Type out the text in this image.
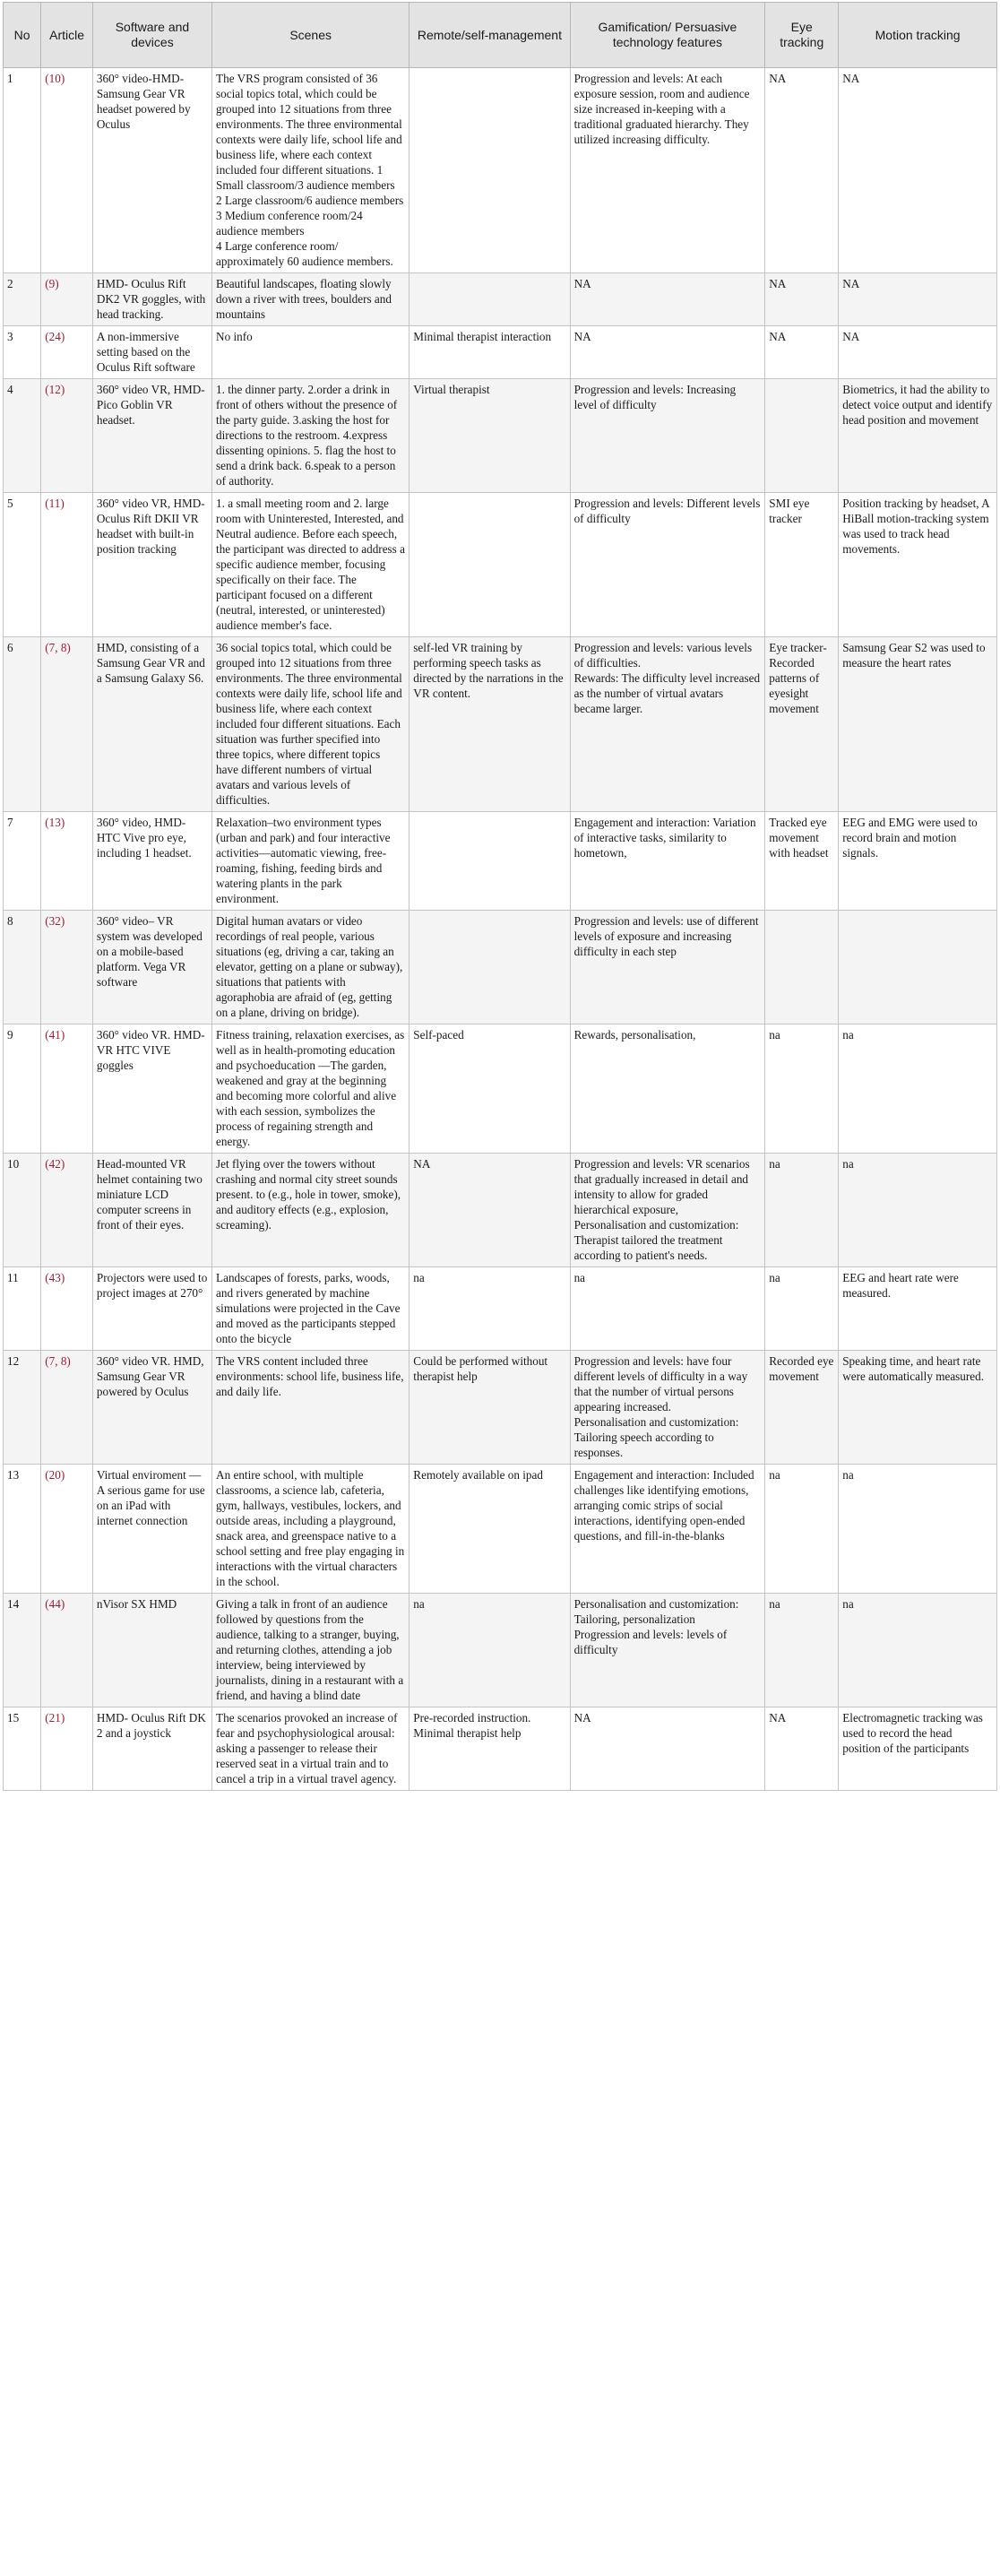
No	Article	Software and devices	Scenes	Remote/self-management	Gamification/ Persuasive technology features	Eye tracking	Motion tracking
1	(10)	360° video-HMD-Samsung Gear VR headset powered by Oculus	The VRS program consisted of 36 social topics total, which could be grouped into 12 situations from three environments. The three environmental contexts were daily life, school life and business life, where each context included four different situations. 1 Small classroom/3 audience members
2 Large classroom/6 audience members
3 Medium conference room/24 audience members
4 Large conference room/ approximately 60 audience members.		Progression and levels: At each exposure session, room and audience size increased in-keeping with a traditional graduated hierarchy. They utilized increasing difficulty.	NA	NA
2	(9)	HMD- Oculus Rift DK2 VR goggles, with head tracking.	Beautiful landscapes, floating slowly down a river with trees, boulders and mountains		NA	NA	NA
3	(24)	A non-immersive setting based on the Oculus Rift software	No info	Minimal therapist interaction	NA	NA	NA
4	(12)	360° video VR, HMD-Pico Goblin VR headset.	1. the dinner party. 2.order a drink in front of others without the presence of the party guide. 3.asking the host for directions to the restroom. 4.express dissenting opinions. 5. flag the host to send a drink back. 6.speak to a person of authority.	Virtual therapist	Progression and levels: Increasing level of difficulty		Biometrics, it had the ability to detect voice output and identify head position and movement
5	(11)	360° video VR, HMD-Oculus Rift DKII VR headset with built-in position tracking	1. a small meeting room and 2. large room with Uninterested, Interested, and Neutral audience. Before each speech, the participant was directed to address a specific audience member, focusing specifically on their face. The participant focused on a different (neutral, interested, or uninterested) audience member's face.		Progression and levels: Different levels of difficulty	SMI eye tracker	Position tracking by headset, A HiBall motion-tracking system was used to track head movements.
6	(7, 8)	HMD, consisting of a Samsung Gear VR and a Samsung Galaxy S6.	36 social topics total, which could be grouped into 12 situations from three environments. The three environmental contexts were daily life, school life and business life, where each context included four different situations. Each situation was further specified into three topics, where different topics have different numbers of virtual avatars and various levels of difficulties.	self-led VR training by performing speech tasks as directed by the narrations in the VR content.	Progression and levels: various levels of difficulties.
Rewards: The difficulty level increased as the number of virtual avatars became larger.	Eye tracker- Recorded patterns of eyesight movement	Samsung Gear S2 was used to measure the heart rates
7	(13)	360° video, HMD-HTC Vive pro eye, including 1 headset.	Relaxation–two environment types (urban and park) and four interactive activities—automatic viewing, free-roaming, fishing, feeding birds and watering plants in the park environment.		Engagement and interaction: Variation of interactive tasks, similarity to hometown,	Tracked eye movement with headset	EEG and EMG were used to record brain and motion signals.
8	(32)	360° video– VR system was developed on a mobile-based platform. Vega VR software	Digital human avatars or video recordings of real people, various situations (eg, driving a car, taking an elevator, getting on a plane or subway), situations that patients with agoraphobia are afraid of (eg, getting on a plane, driving on bridge).		Progression and levels: use of different levels of exposure and increasing difficulty in each step		
9	(41)	360° video VR. HMD- VR HTC VIVE goggles	Fitness training, relaxation exercises, as well as in health-promoting education and psychoeducation —The garden, weakened and gray at the beginning and becoming more colorful and alive with each session, symbolizes the process of regaining strength and energy.	Self-paced	Rewards, personalisation,	na	na
10	(42)	Head-mounted VR helmet containing two miniature LCD computer screens in front of their eyes.	Jet flying over the towers without crashing and normal city street sounds present. to (e.g., hole in tower, smoke), and auditory effects (e.g., explosion, screaming).	NA	Progression and levels: VR scenarios that gradually increased in detail and intensity to allow for graded hierarchical exposure,
Personalisation and customization: Therapist tailored the treatment according to patient's needs.	na	na
11	(43)	Projectors were used to project images at 270°	Landscapes of forests, parks, woods, and rivers generated by machine simulations were projected in the Cave and moved as the participants stepped onto the bicycle	na	na	na	EEG and heart rate were measured.
12	(7, 8)	360° video VR. HMD, Samsung Gear VR powered by Oculus	The VRS content included three environments: school life, business life, and daily life.	Could be performed without therapist help	Progression and levels: have four different levels of difficulty in a way that the number of virtual persons appearing increased.
Personalisation and customization: Tailoring speech according to responses.	Recorded eye movement	Speaking time, and heart rate were automatically measured.
13	(20)	Virtual enviroment —A serious game for use on an iPad with internet connection	An entire school, with multiple classrooms, a science lab, cafeteria, gym, hallways, vestibules, lockers, and outside areas, including a playground, snack area, and greenspace native to a school setting and free play engaging in interactions with the virtual characters in the school.	Remotely available on ipad	Engagement and interaction: Included challenges like identifying emotions, arranging comic strips of social interactions, identifying open-ended questions, and fill-in-the-blanks	na	na
14	(44)	nVisor SX HMD	Giving a talk in front of an audience followed by questions from the audience, talking to a stranger, buying, and returning clothes, attending a job interview, being interviewed by journalists, dining in a restaurant with a friend, and having a blind date	na	Personalisation and customization: Tailoring, personalization
Progression and levels: levels of difficulty	na	na
15	(21)	HMD- Oculus Rift DK 2 and a joystick	The scenarios provoked an increase of fear and psychophysiological arousal: asking a passenger to release their reserved seat in a virtual train and to cancel a trip in a virtual travel agency.	Pre-recorded instruction. Minimal therapist help	NA	NA	Electromagnetic tracking was used to record the head position of the participants
